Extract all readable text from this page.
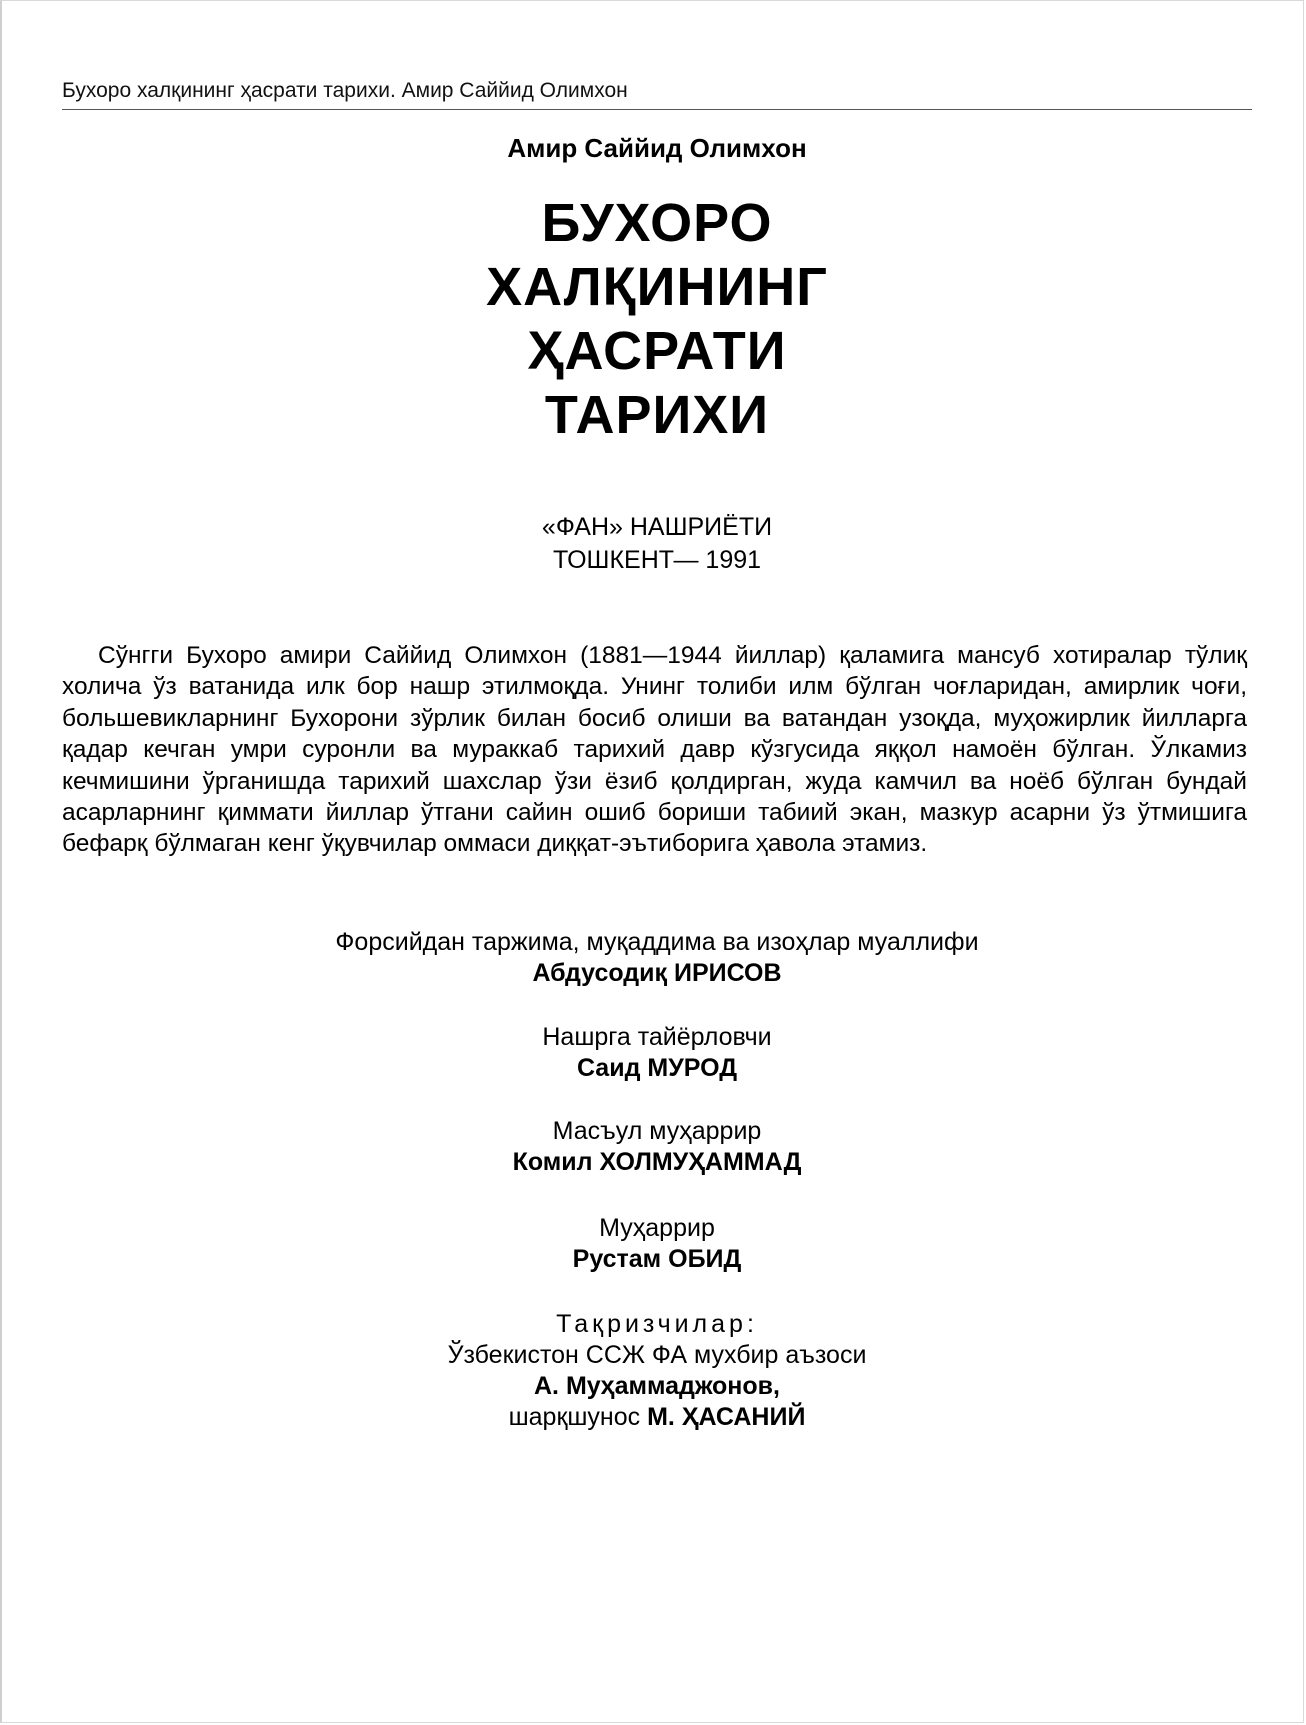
Бухоро халқининг ҳасрати тарихи. Амир Саййид Олимхон
Амир Саййид Олимхон
БУХОРО
ХАЛҚИНИНГ
ҲАСРАТИ
ТАРИХИ
«ФАН» НАШРИЁТИ
ТОШКЕНТ— 1991

Сўнгги Бухоро амири Саййид Олимхон (1881—1944 йиллар) қаламига мансуб хотиралар тўлиқ холича ўз ватанида илк бор нашр этилмоқда. Унинг толиби илм бўлган чоғларидан, амирлик чоғи, большевикларнинг Бухорони зўрлик билан босиб олиши ва ватандан узоқда, муҳожирлик йилларга қадар кечган умри суронли ва мураккаб тарихий давр кўзгусида яққол намоён бўлган. Ўлкамиз кечмишини ўрганишда тарихий шахслар ўзи ёзиб қолдирган, жуда камчил ва ноёб бўлган бундай асарларнинг қиммати йиллар ўтгани сайин ошиб бориши табиий экан, мазкур асарни ўз ўтмишига бефарқ бўлмаган кенг ўқувчилар оммаси диққат-эътиборига ҳавола этамиз.

Форсийдан таржима, муқаддима ва изоҳлар муаллифи
Абдусодиқ ИРИСОВ
Нашрга тайёрловчи
Саид МУРОД
Масъул муҳаррир
Комил ХОЛМУҲАММАД
Муҳаррир
Рустам ОБИД
Тақризчилар:
Ўзбекистон ССЖ ФА мухбир аъзоси
А. Муҳаммаджонов,
шарқшунос М. ҲАСАНИЙ
